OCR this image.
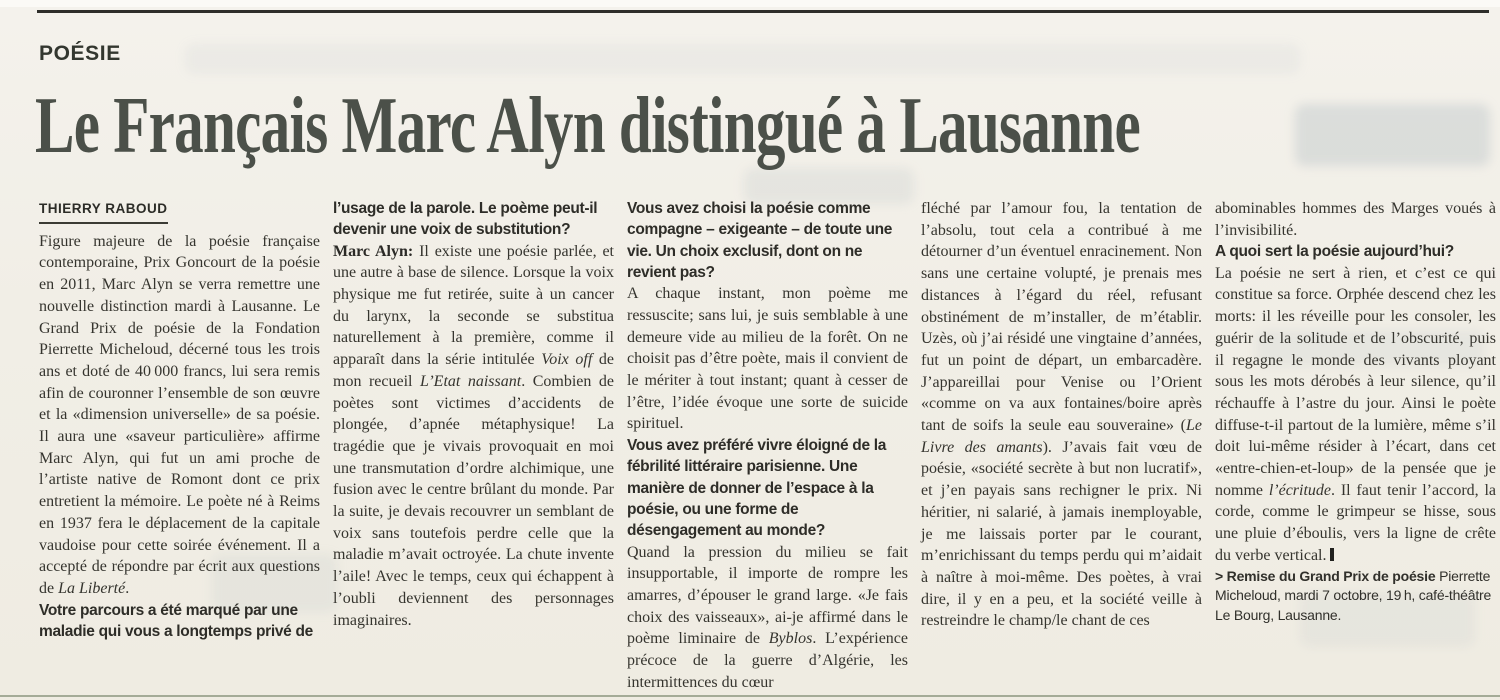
POÉSIE
Le Français Marc Alyn distingué à Lausanne
THIERRY RABOUD

Figure majeure de la poésie française contemporaine, Prix Goncourt de la poésie en 2011, Marc Alyn se verra remettre une nouvelle distinction mardi à Lausanne. Le Grand Prix de poésie de la Fondation Pierrette Micheloud, décerné tous les trois ans et doté de 40 000 francs, lui sera remis afin de couronner l’ensemble de son œuvre et la «dimension universelle» de sa poésie. Il aura une «saveur particulière» affirme Marc Alyn, qui fut un ami proche de l’artiste native de Romont dont ce prix entretient la mémoire. Le poète né à Reims en 1937 fera le déplacement de la capitale vaudoise pour cette soirée événement. Il a accepté de répondre par écrit aux questions de La Liberté.

Votre parcours a été marqué par une maladie qui vous a longtemps privé de

l’usage de la parole. Le poème peut-il devenir une voix de substitution?

Marc Alyn: Il existe une poésie parlée, et une autre à base de silence. Lorsque la voix physique me fut retirée, suite à un cancer du larynx, la seconde se substitua naturellement à la première, comme il apparaît dans la série intitulée Voix off de mon recueil L’Etat naissant. Combien de poètes sont victimes d’accidents de plongée, d’apnée métaphysique! La tragédie que je vivais provoquait en moi une transmutation d’ordre alchimique, une fusion avec le centre brûlant du monde. Par la suite, je devais recouvrer un semblant de voix sans toutefois perdre celle que la maladie m’avait octroyée. La chute invente l’aile! Avec le temps, ceux qui échappent à l’oubli deviennent des personnages imaginaires.

Vous avez choisi la poésie comme compagne – exigeante – de toute une vie. Un choix exclusif, dont on ne revient pas?

A chaque instant, mon poème me ressuscite; sans lui, je suis semblable à une demeure vide au milieu de la forêt. On ne choisit pas d’être poète, mais il convient de le mériter à tout instant; quant à cesser de l’être, l’idée évoque une sorte de suicide spirituel.

Vous avez préféré vivre éloigné de la fébrilité littéraire parisienne. Une manière de donner de l’espace à la poésie, ou une forme de désengagement au monde?

Quand la pression du milieu se fait insupportable, il importe de rompre les amarres, d’épouser le grand large. «Je fais choix des vaisseaux», ai-je affirmé dans le poème liminaire de Byblos. L’expérience précoce de la guerre d’Algérie, les intermittences du cœur

fléché par l’amour fou, la tentation de l’absolu, tout cela a contribué à me détourner d’un éventuel enracinement. Non sans une certaine volupté, je prenais mes distances à l’égard du réel, refusant obstinément de m’installer, de m’établir. Uzès, où j’ai résidé une vingtaine d’années, fut un point de départ, un embarcadère. J’appareillai pour Venise ou l’Orient «comme on va aux fontaines/boire après tant de soifs la seule eau souveraine» (Le Livre des amants). J’avais fait vœu de poésie, «société secrète à but non lucratif», et j’en payais sans rechigner le prix. Ni héritier, ni salarié, à jamais inemployable, je me laissais porter par le courant, m’enrichissant du temps perdu qui m’aidait à naître à moi-même. Des poètes, à vrai dire, il y en a peu, et la société veille à restreindre le champ/le chant de ces

abominables hommes des Marges voués à l’invisibilité.

A quoi sert la poésie aujourd’hui?

La poésie ne sert à rien, et c’est ce qui constitue sa force. Orphée descend chez les morts: il les réveille pour les consoler, les guérir de la solitude et de l’obscurité, puis il regagne le monde des vivants ployant sous les mots dérobés à leur silence, qu’il réchauffe à l’astre du jour. Ainsi le poète diffuse-t-il partout de la lumière, même s’il doit lui-même résider à l’écart, dans cet «entre-chien-et-loup» de la pensée que je nomme l’écritude. Il faut tenir l’accord, la corde, comme le grimpeur se hisse, sous une pluie d’éboulis, vers la ligne de crête du verbe vertical.

> Remise du Grand Prix de poésie Pierrette Micheloud, mardi 7 octobre, 19 h, café-théâtre Le Bourg, Lausanne.
